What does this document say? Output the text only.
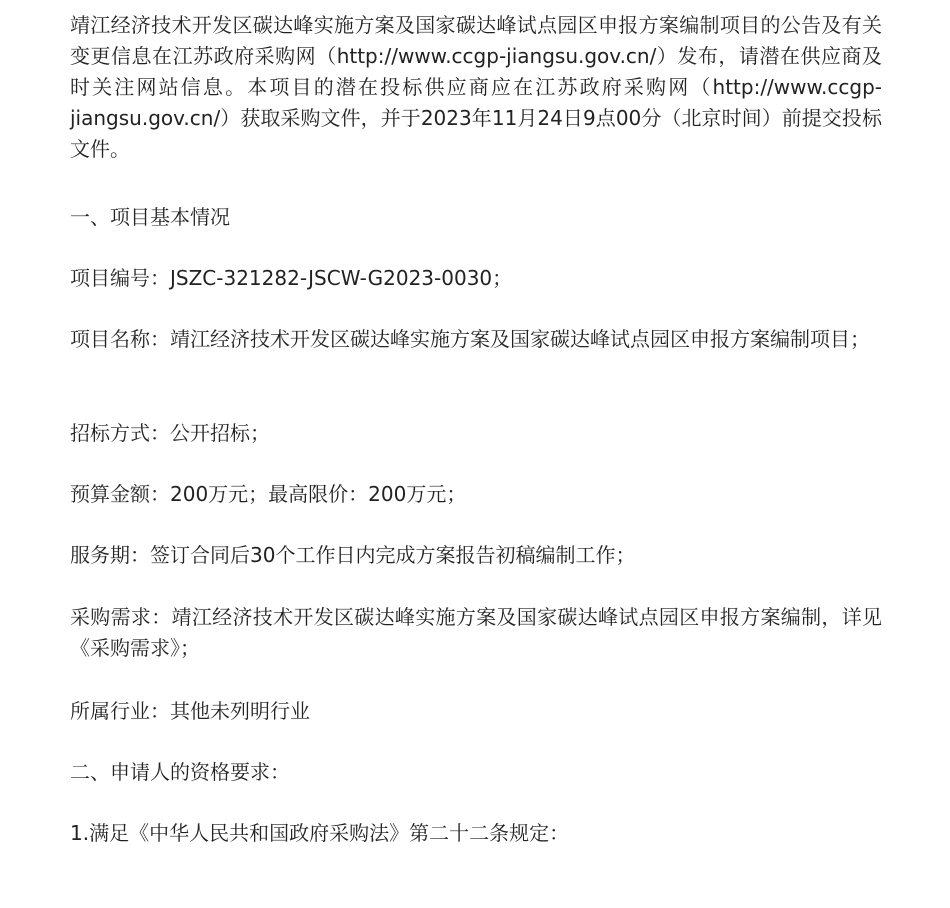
靖江经济技术开发区碳达峰实施方案及国家碳达峰试点园区申报方案编制项目的公告及有关变更信息在江苏政府采购网（http://www.ccgp-jiangsu.gov.cn/）发布，请潜在供应商及时关注网站信息。本项目的潜在投标供应商应在江苏政府采购网（http://www.ccgp-jiangsu.gov.cn/）获取采购文件，并于2023年11月24日9点00分（北京时间）前提交投标文件。

一、项目基本情况

项目编号：JSZC-321282-JSCW-G2023-0030；

项目名称：靖江经济技术开发区碳达峰实施方案及国家碳达峰试点园区申报方案编制项目；

招标方式：公开招标；

预算金额：200万元；最高限价：200万元；

服务期：签订合同后30个工作日内完成方案报告初稿编制工作；

采购需求：靖江经济技术开发区碳达峰实施方案及国家碳达峰试点园区申报方案编制，详见《采购需求》；

所属行业：其他未列明行业

二、申请人的资格要求：

1.满足《中华人民共和国政府采购法》第二十二条规定：
